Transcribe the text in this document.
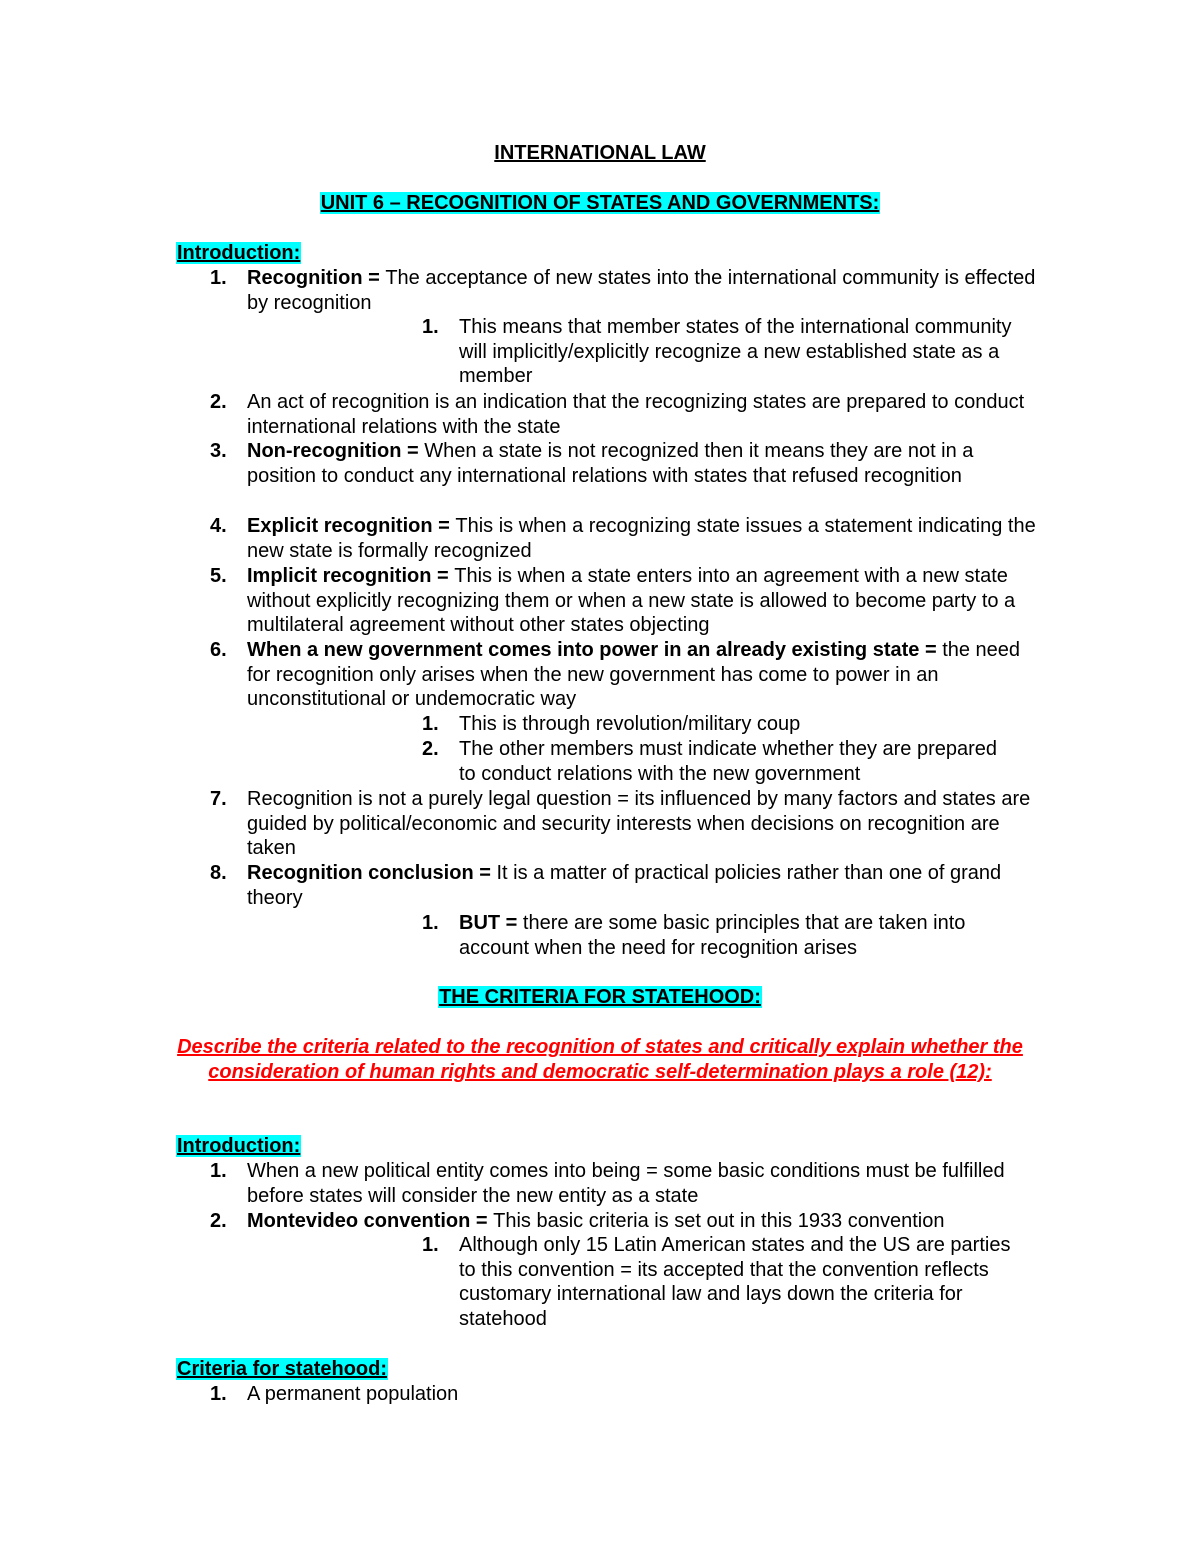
INTERNATIONAL LAW
UNIT 6 – RECOGNITION OF STATES AND GOVERNMENTS:
Introduction:
1. Recognition = The acceptance of new states into the international community is effected by recognition
1. This means that member states of the international community will implicitly/explicitly recognize a new established state as a member
2. An act of recognition is an indication that the recognizing states are prepared to conduct international relations with the state
3. Non-recognition = When a state is not recognized then it means they are not in a position to conduct any international relations with states that refused recognition
4. Explicit recognition = This is when a recognizing state issues a statement indicating the new state is formally recognized
5. Implicit recognition = This is when a state enters into an agreement with a new state without explicitly recognizing them or when a new state is allowed to become party to a multilateral agreement without other states objecting
6. When a new government comes into power in an already existing state = the need for recognition only arises when the new government has come to power in an unconstitutional or undemocratic way
1. This is through revolution/military coup
2. The other members must indicate whether they are prepared to conduct relations with the new government
7. Recognition is not a purely legal question = its influenced by many factors and states are guided by political/economic and security interests when decisions on recognition are taken
8. Recognition conclusion = It is a matter of practical policies rather than one of grand theory
1. BUT = there are some basic principles that are taken into account when the need for recognition arises
THE CRITERIA FOR STATEHOOD:
Describe the criteria related to the recognition of states and critically explain whether the consideration of human rights and democratic self-determination plays a role (12):
Introduction:
1. When a new political entity comes into being = some basic conditions must be fulfilled before states will consider the new entity as a state
2. Montevideo convention = This basic criteria is set out in this 1933 convention
1. Although only 15 Latin American states and the US are parties to this convention = its accepted that the convention reflects customary international law and lays down the criteria for statehood
Criteria for statehood:
1. A permanent population
